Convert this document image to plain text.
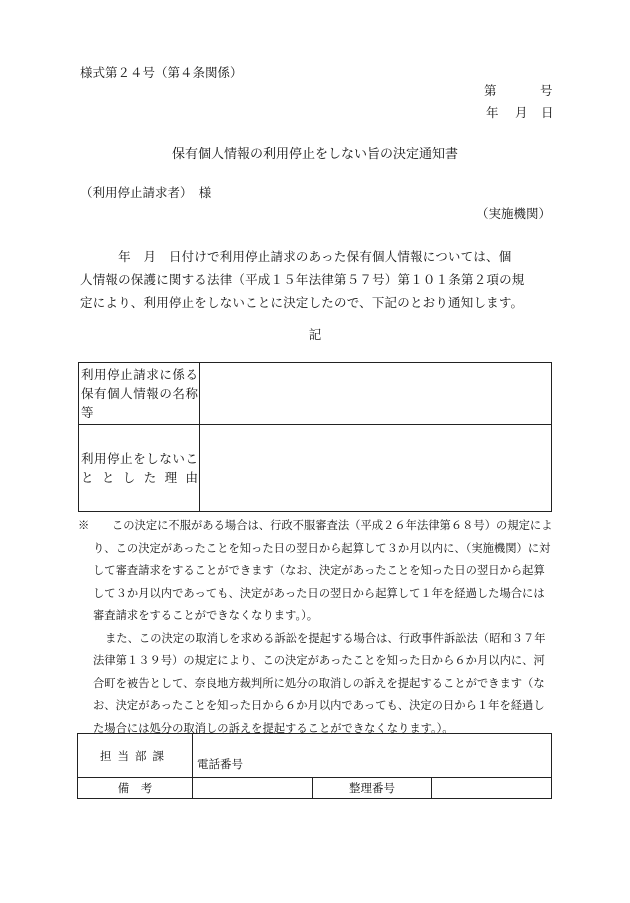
様式第２４号（第４条関係）
第	号
年 月 日
保有個人情報の利用停止をしない旨の決定通知書
（利用停止請求者）　様
（実施機関）
　　　年　月　日付けで利用停止請求のあった保有個人情報については、個
人情報の保護に関する法律（平成１５年法律第５７号）第１０１条第２項の規
定により、利用停止をしないことに決定したので、下記のとおり通知します。
記
利用停止請求に係る保有個人情報の名称等	
利用停止をしないこととした理由	

※　　 この決定に不服がある場合は、行政不服審査法（平成２６年法律第６８号）の規定により、この決定があったことを知った日の翌日から起算して３か月以内に、（実施機関）に対して審査請求をすることができます（なお、決定があったことを知った日の翌日から起算して３か月以内であっても、決定があった日の翌日から起算して１年を経過した場合には審査請求をすることができなくなります。）。

また、この決定の取消しを求める訴訟を提起する場合は、行政事件訴訟法（昭和３７年法律第１３９号）の規定により、この決定があったことを知った日から６か月以内に、河合町を被告として、奈良地方裁判所に処分の取消しの訴えを提起することができます（なお、決定があったことを知った日から６か月以内であっても、決定の日から１年を経過した場合には処分の取消しの訴えを提起することができなくなります。）。

担当部課	電話番号		
備　考		整理番号	
